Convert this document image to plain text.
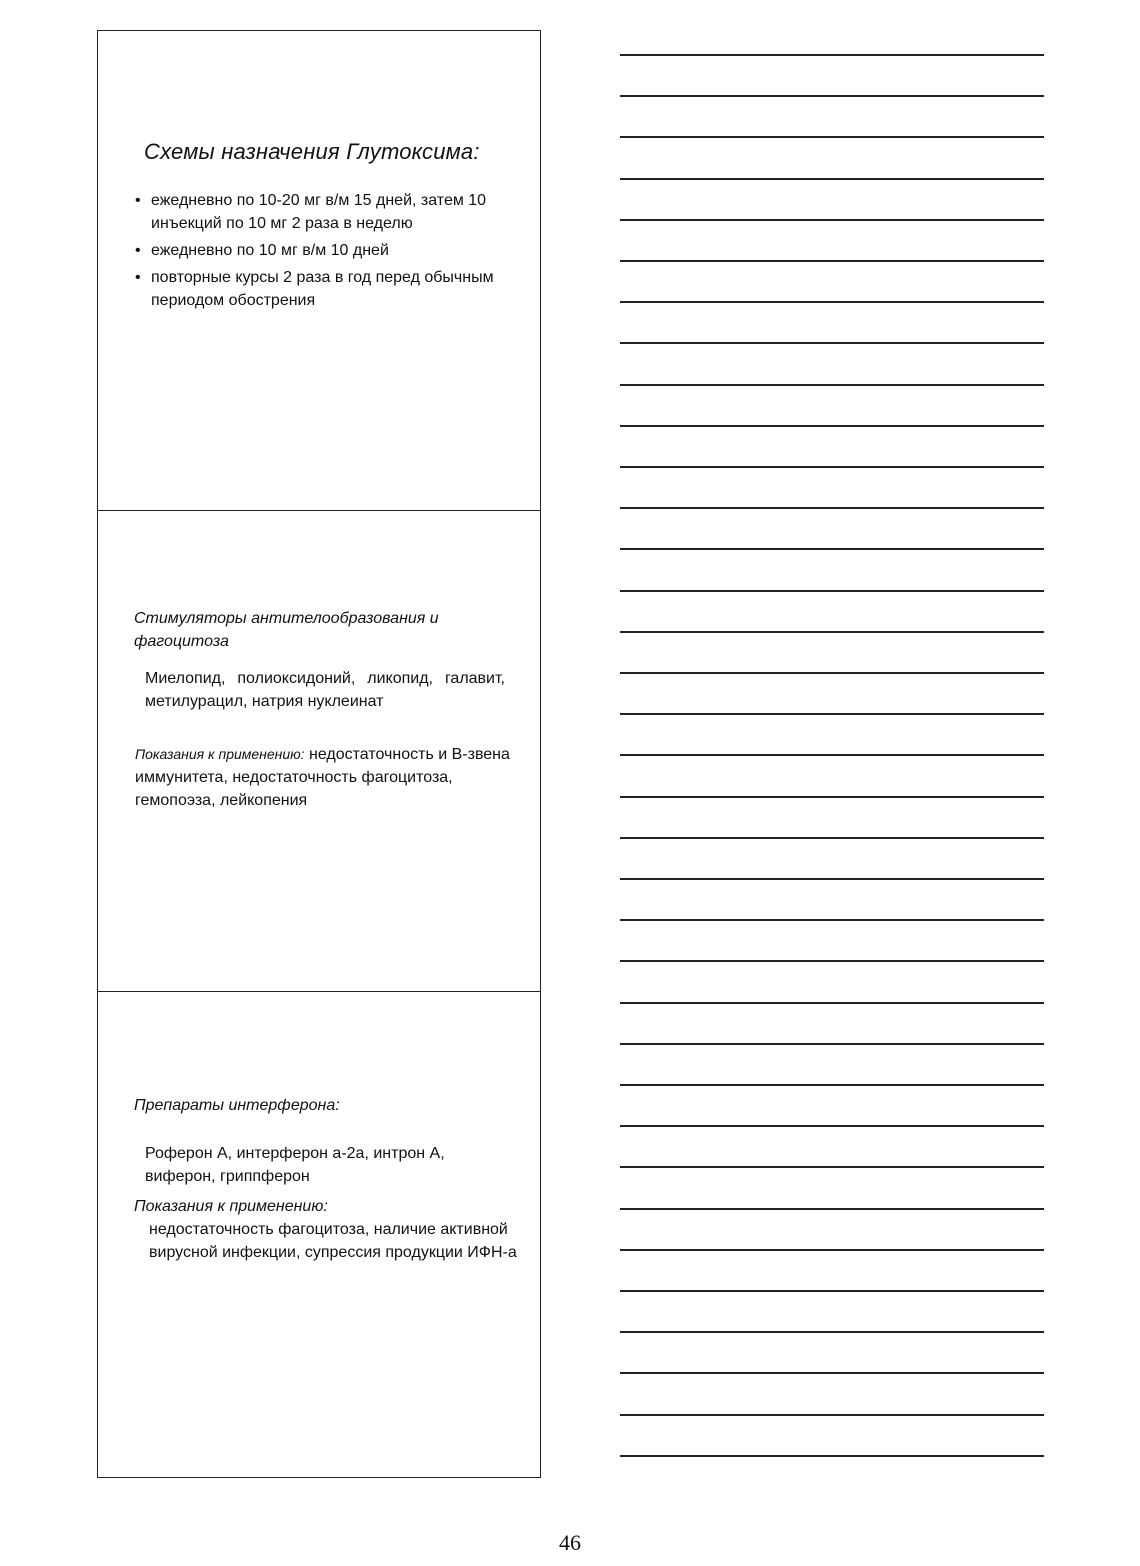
Схемы назначения Глутоксима:
• ежедневно по 10-20 мг в/м 15 дней, затем 10 инъекций по 10 мг 2 раза в неделю
• ежедневно по 10 мг в/м 10 дней
• повторные курсы 2 раза в год перед обычным периодом обострения
Стимуляторы антителообразования и фагоцитоза
Миелопид, полиоксидоний, ликопид, галавит, метилурацил, натрия нуклеинат
Показания к применению: недостаточность и В-звена иммунитета, недостаточность фагоцитоза, гемопоэза, лейкопения
Препараты интерферона:
Роферон А, интерферон а-2а, интрон А, виферон, гриппферон
Показания к применению:
недостаточность фагоцитоза, наличие активной вирусной инфекции, супрессия продукции ИФН-а
46
